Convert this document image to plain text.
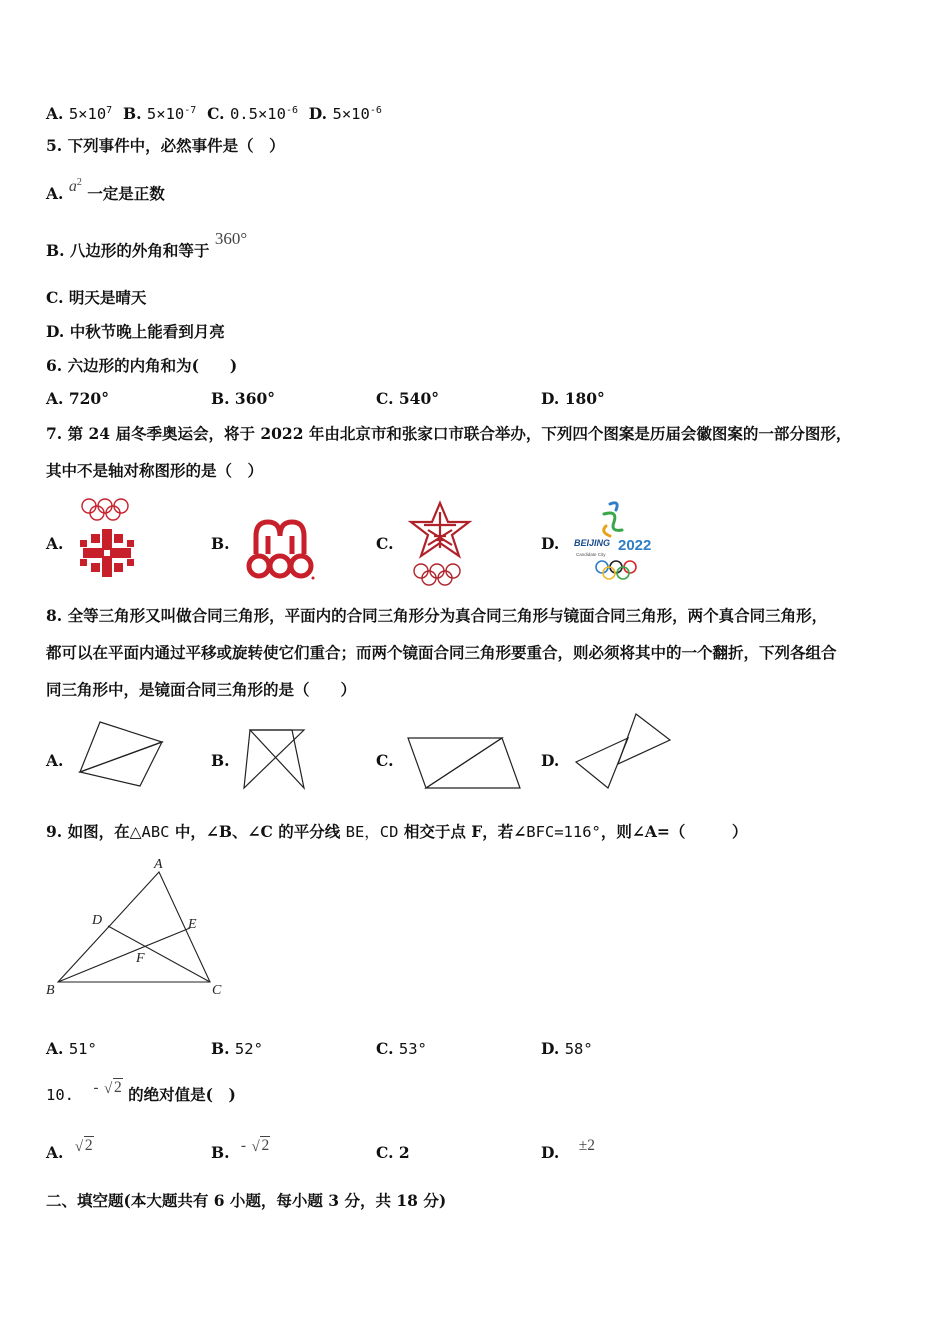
A. $5\times 10^7$ B. $5\times 10^{-7}$ C. $0.5\times 10^{-6}$ D. $5\times 10^{-6}$
5. 下列事件中，必然事件是（　）
A. $a^2$ 一定是正数
B. 八边形的外角和等于 360°
C. 明天是晴天
D. 中秋节晚上能看到月亮
6. 六边形的内角和为(　　)
A. 720°	B. 360°	C. 540°	D. 180°
7. 第 24 届冬季奥运会，将于 2022 年由北京市和张家口市联合举办，下列四个图案是历届会徽图案的一部分图形，
其中不是轴对称图形的是（　）
A.	B.	C.	D. BEIJING 2022
Candidate City
8. 全等三角形又叫做合同三角形，平面内的合同三角形分为真合同三角形与镜面合同三角形，两个真合同三角形，
都可以在平面内通过平移或旋转使它们重合；而两个镜面合同三角形要重合，则必须将其中的一个翻折，下列各组合
同三角形中，是镜面合同三角形的是（　　）
A.	B.	C.	D.
9. 如图，在△ABC 中，∠B、∠C 的平分线 BE，CD 相交于点 F，若∠BFC=116°，则∠A=（　　　）
A
B	C
D	E
F
A. 51°	B. 52°	C. 53°	D. 58°
10. - √ 2 的绝对值是(　)
A. √ 2	B. - √ 2	C. 2	D. ±2
二、填空题(本大题共有 6 小题，每小题 3 分，共 18 分)
